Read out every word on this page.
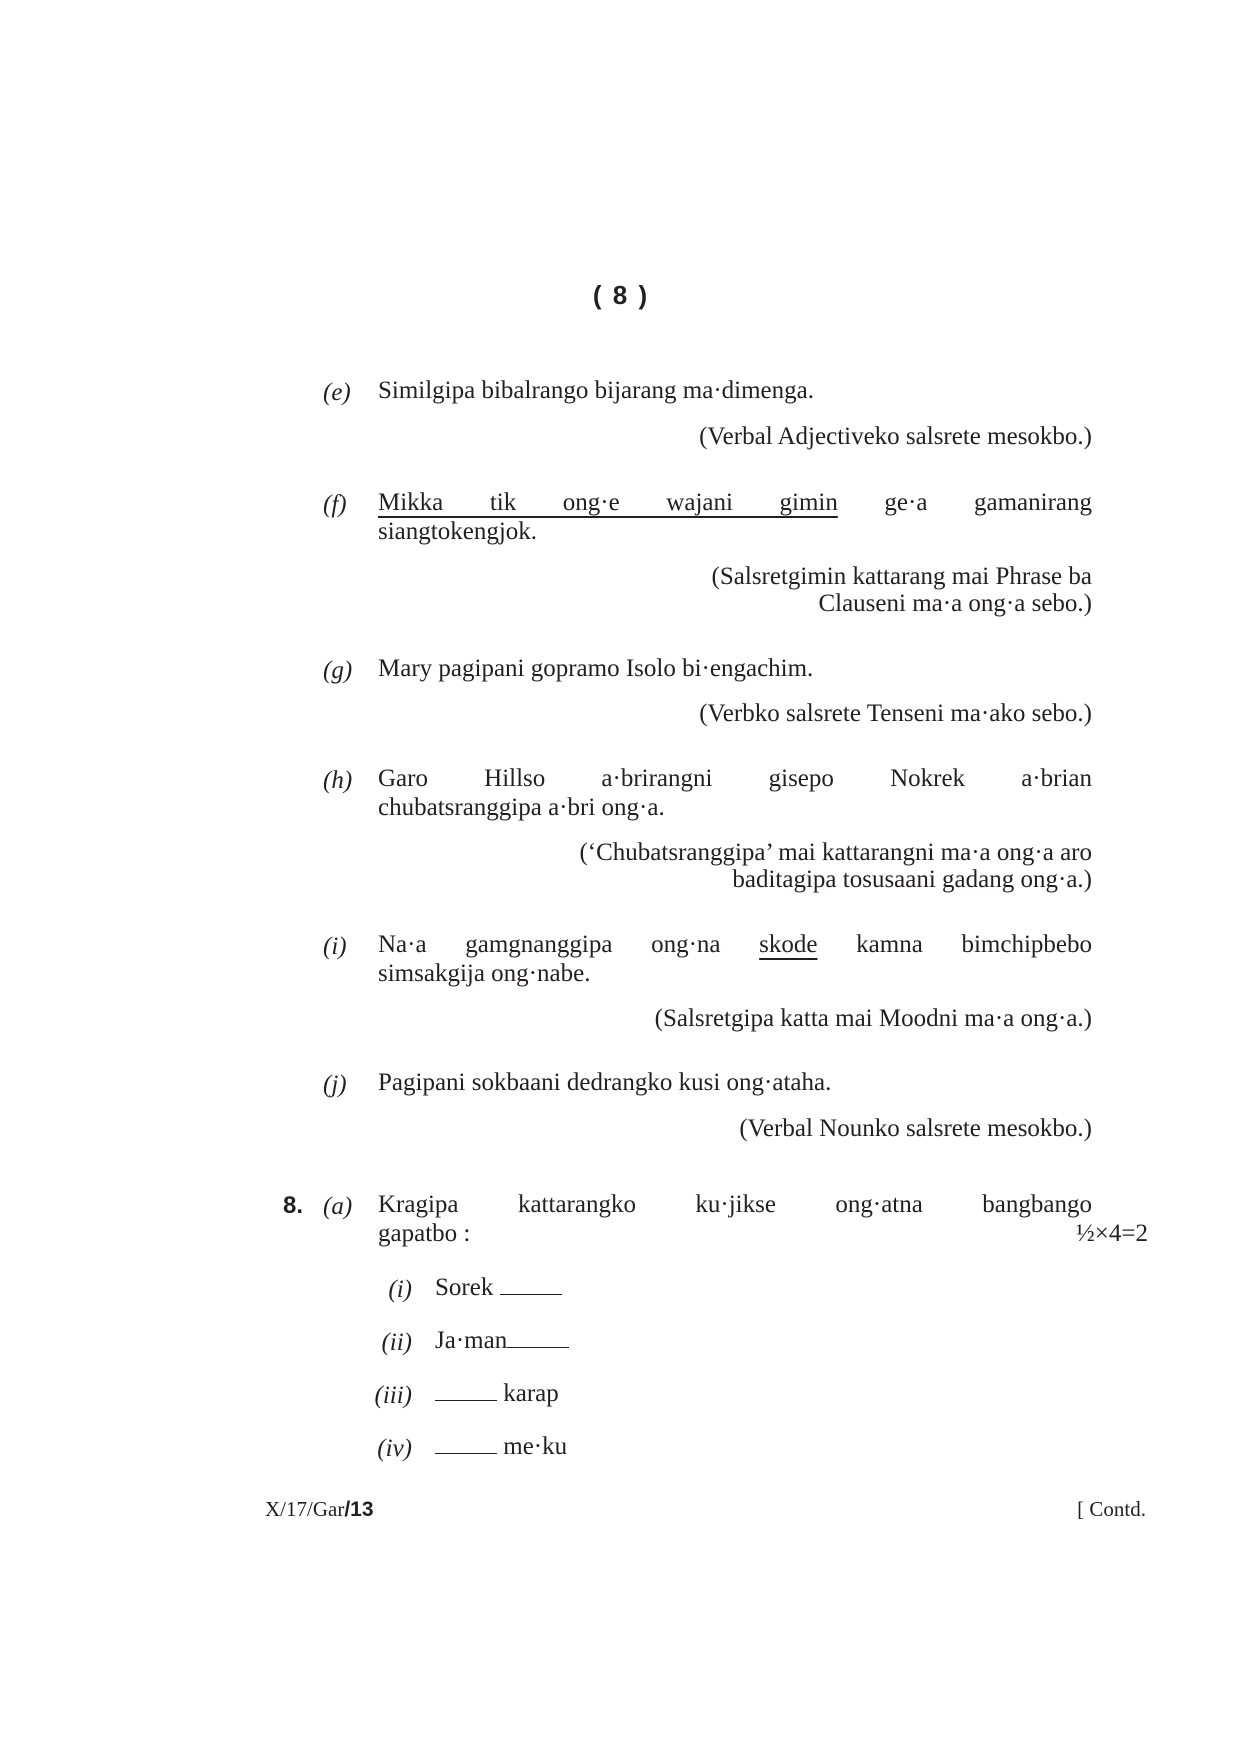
( 8 )
(e) Similgipa bibalrango bijarang ma·dimenga.
(Verbal Adjectiveko salsrete mesokbo.)
(f) Mikka tik ong·e wajani gimin ge·a gamanirang
siangtokengjok.
(Salsretgimin kattarang mai Phrase ba
Clauseni ma·a ong·a sebo.)
(g) Mary pagipani gopramo Isolo bi·engachim.
(Verbko salsrete Tenseni ma·ako sebo.)
(h) Garo Hillso a·brirangni gisepo Nokrek a·brian
chubatsranggipa a·bri ong·a.
(‘Chubatsranggipa’ mai kattarangni ma·a ong·a aro
baditagipa tosusaani gadang ong·a.)
(i) Na·a gamgnanggipa ong·na skode kamna bimchipbebo
simsakgija ong·nabe.
(Salsretgipa katta mai Moodni ma·a ong·a.)
(j) Pagipani sokbaani dedrangko kusi ong·ataha.
(Verbal Nounko salsrete mesokbo.)
8. (a) Kragipa kattarangko ku·jikse ong·atna bangbango
gapatbo :	½×4=2
(i) Sorek
(ii) Ja·man
(iii)	karap
(iv)	me·ku
X/17/Gar/13	[ Contd.
